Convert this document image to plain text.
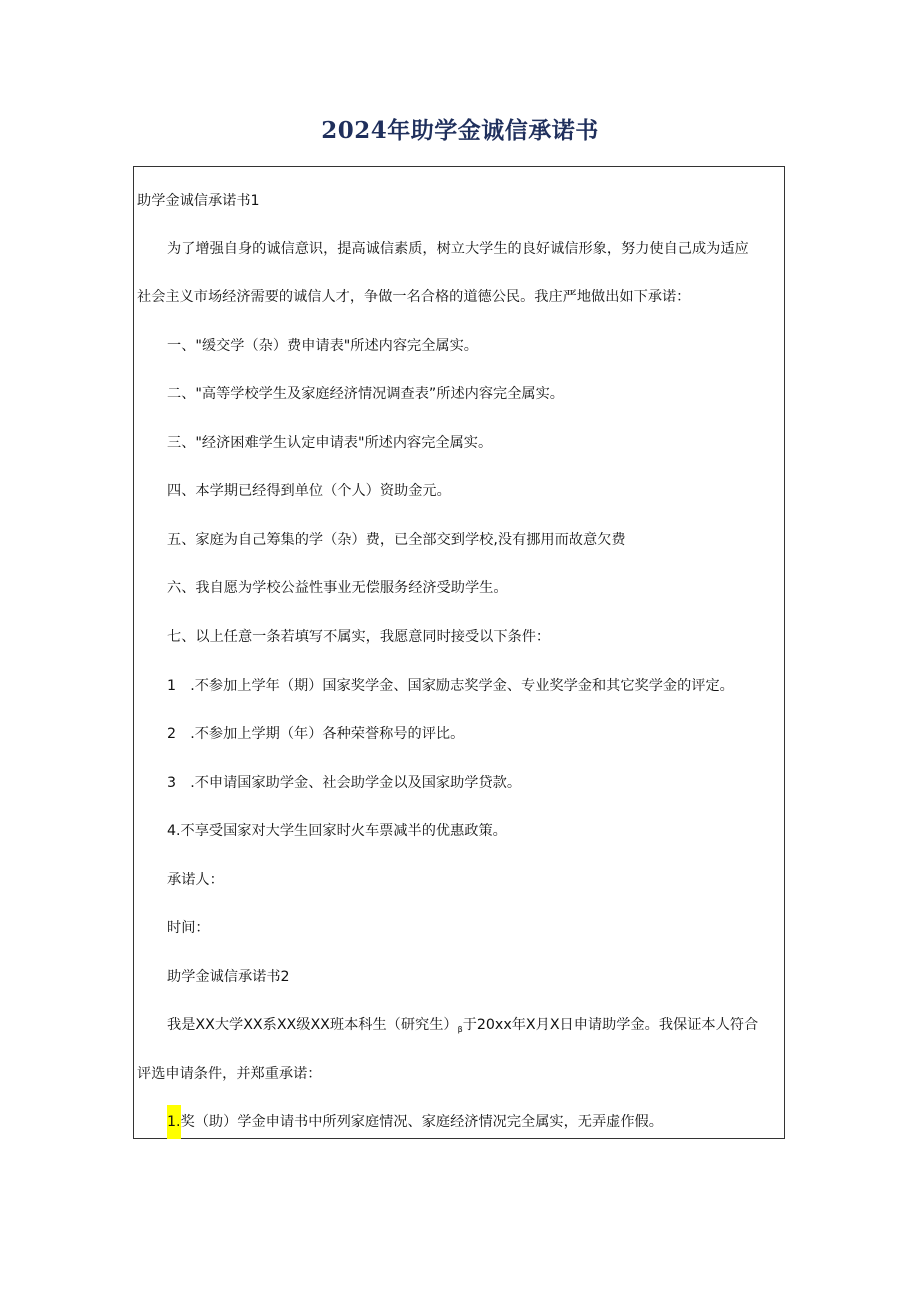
2024年助学金诚信承诺书
助学金诚信承诺书1
为了增强自身的诚信意识，提高诚信素质，树立大学生的良好诚信形象，努力使自己成为适应
社会主义市场经济需要的诚信人才，争做一名合格的道德公民。我庄严地做出如下承诺：
一、"缓交学（杂）费申请表"所述内容完全属实。
二、"高等学校学生及家庭经济情况调查表”所述内容完全属实。
三、"经济困难学生认定申请表"所述内容完全属实。
四、本学期已经得到单位（个人）资助金元。
五、家庭为自己筹集的学（杂）费，已全部交到学校,没有挪用而故意欠费
六、我自愿为学校公益性事业无偿服务经济受助学生。
七、以上任意一条若填写不属实，我愿意同时接受以下条件：
1　.不参加上学年（期）国家奖学金、国家励志奖学金、专业奖学金和其它奖学金的评定。
2　.不参加上学期（年）各种荣誉称号的评比。
3　.不申请国家助学金、社会助学金以及国家助学贷款。
4.不享受国家对大学生回家时火车票减半的优惠政策。
承诺人：
时间：
助学金诚信承诺书2
我是XX大学XX系XX级XX班本科生（研究生）$_\beta$于20xx年X月X日申请助学金。我保证本人符合
评选申请条件，并郑重承诺：
1.奖（助）学金申请书中所列家庭情况、家庭经济情况完全属实，无弄虚作假。
